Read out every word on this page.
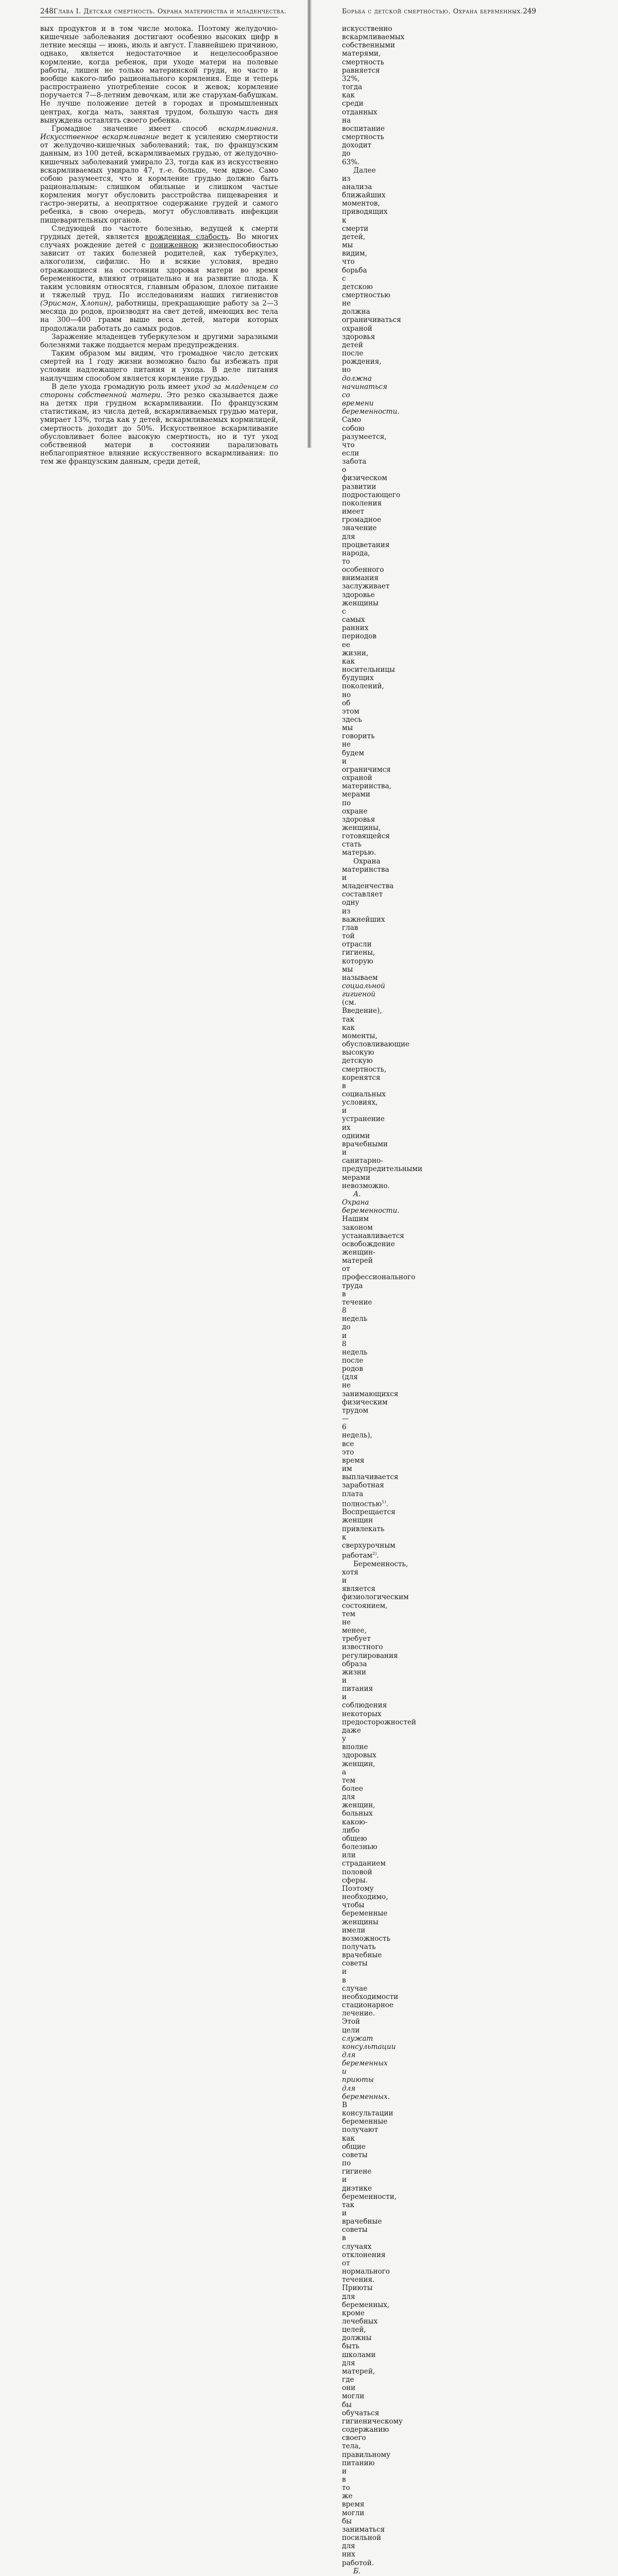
248 Глава I. Детская смертность. Охрана материнства и младенчества.

вых продуктов и в том числе молока. Поэтому желудочно-кишечные заболевания достигают особенно высоких цифр в летние месяцы — июнь, июль и август. Главнейшею причиною, однако, является недостаточное и нецелесообразное кормление, когда ребенок, при уходе матери на полевые работы, лишен не только материнской груди, но часто и вообще какого-либо рационального кормления. Еще и теперь распространено употребление сосок и жевок; кормление поручается 7—8-летним девочкам, или же старухам-бабушкам. Не лучше положение детей в городах и промышленных центрах, когда мать, занятая трудом, большую часть дня вынуждена оставлять своего ребенка.

Громадное значение имеет способ вскармливания. Искусственное вскармливание ведет к усилению смертности от желудочно-кишечных заболеваний; так, по французским данным, из 100 детей, вскармливаемых грудью, от желудочно-кишечных заболеваний умирало 23, тогда как из искусственно вскармливаемых умирало 47, т.-е. больше, чем вдвое. Само собою разумеется, что и кормление грудью должно быть рациональным: слишком обильные и слишком частые кормления могут обусловить расстройства пищеварения и гастро-энериты, а неопрятное содержание грудей и самого ребенка, в свою очередь, могут обусловливать инфекции пищеварительных органов.

Следующей по частоте болезнью, ведущей к смерти грудных детей, является врожденная слабость. Во многих случаях рождение детей с пониженною жизнеспособностью зависит от таких болезней родителей, как туберкулез, алкоголизм, сифилис. Но и всякие условия, вредно отражающиеся на состоянии здоровья матери во время беременности, влияют отрицательно и на развитие плода. К таким условиям относятся, главным образом, плохое питание и тяжелый труд. По исследованиям наших гигиенистов (Эрисман, Хлопин), работницы, прекращающие работу за 2—3 месяца до родов, производят на свет детей, имеющих вес тела на 300—400 грамм выше веса детей, матери которых продолжали работать до самых родов.

Заражение младенцев туберкулезом и другими заразными болезнями также поддается мерам предупреждения.

Таким образом мы видим, что громадное число детских смертей на 1 году жизни возможно было бы избежать при условии надлежащего питания и ухода. В деле питания наилучшим способом является кормление грудью.

В деле ухода громадную роль имеет уход за младенцем со стороны собственной матери. Это резко сказывается даже на детях при грудном вскармливании. По французским статистикам, из числа детей, вскармливаемых грудью матери, умирает 13%, тогда как у детей, вскармливаемых кормилицей, смертность доходит до 50%. Искусственное вскармливание обусловливает более высокую смертность, но и тут уход собственной матери в состоянии парализовать неблагоприятное влияние искусственного вскармливания: по тем же французским данным, среди детей,

Борьба с детской смертностью. Охрана беременных. 249

искусственно вскармливаемых собственными матерями, смертность равняется 32%, тогда как среди отданных на воспитание смертность доходит до 63%.

Далее из анализа ближайших моментов, приводящих к смерти детей, мы видим, что борьба с детскою смертностью не должна ограничиваться охраной здоровья детей после рождения, но должна начинаться со времени беременности. Само собою разумеется, что если забота о физическом развитии подростающего поколения имеет громадное значение для процветания народа, то особенного внимания заслуживает здоровье женщины с самых ранних периодов ее жизни, как носительницы будущих поколений, но об этом здесь мы говорить не будем и ограничимся охраной материнства, мерами по охране здоровья женщины, готовящейся стать матерью.

Охрана материнства и младенчества составляет одну из важнейших глав той отрасли гигиены, которую мы называем социальной гигиеной (см. Введение), так как моменты, обусловливающие высокую детскую смертность, коренятся в социальных условиях, и устранение их одними врачебными и санитарно-предупредительными мерами невозможно.

А. Охрана беременности. Нашим законом устанавливается освобождение женщин-матерей от профессионального труда в течение 8 недель до и 8 недель после родов (для не занимающихся физическим трудом — 6 недель), все это время им выплачивается заработная плата полностью$^{1)}$. Воспрещается женщин привлекать к сверхурочным работам$^{2)}$.

Беременность, хотя и является физиологическим состоянием, тем не менее, требует известного регулирования образа жизни и питания и соблюдения некоторых предосторожностей даже у вполне здоровых женщин, а тем более для женщин, больных какою-либо общею болезнью или страданием половой сферы. Поэтому необходимо, чтобы беременные женщины имели возможность получать врачебные советы и в случае необходимости стационарное лечение. Этой цели служат консультации для беременных и приюты для беременных. В консультации беременные получают как общие советы по гигиене и диэтике беременности, так и врачебные советы в случаях отклонения от нормального течения. Приюты для беременных, кроме лечебных целей, должны быть школами для матерей, где они могли бы обучаться гигиеническому содержанию своего тела, правильному питанию и в то же время могли бы заниматься посильной для них работой.

Б.
